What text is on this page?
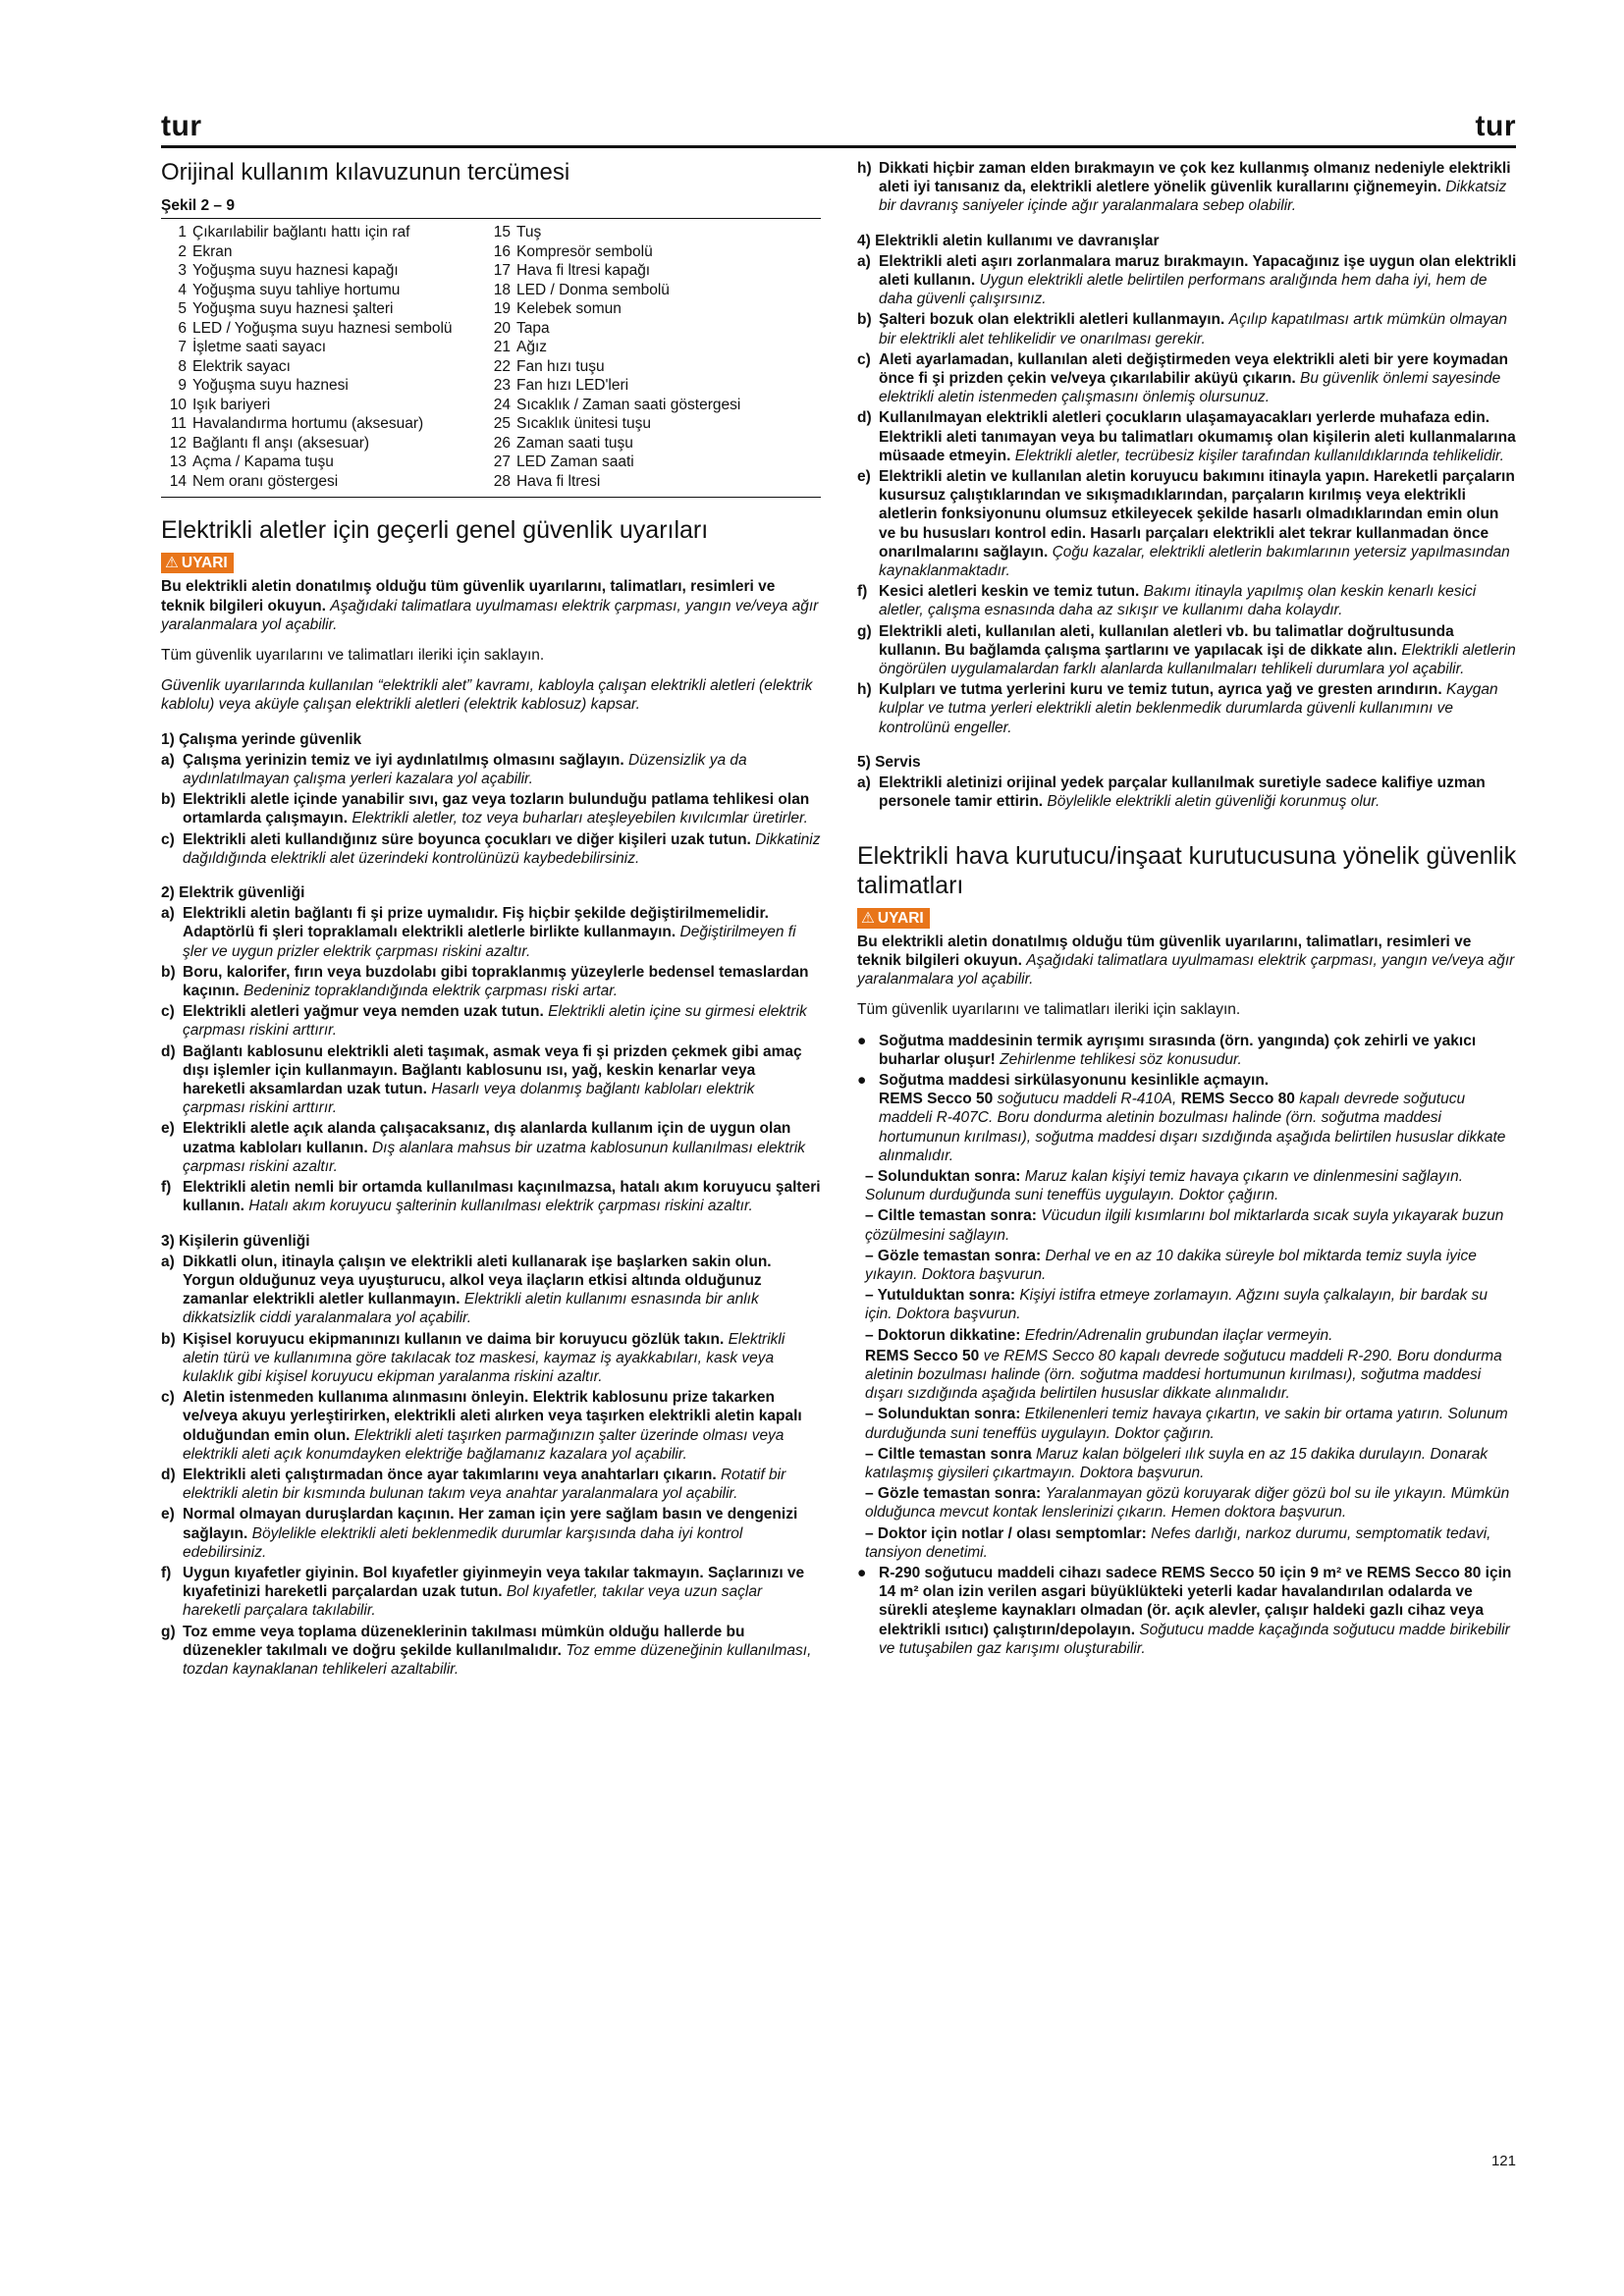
tur	tur
Orijinal kullanım kılavuzunun tercümesi
Şekil 2 – 9
1 Çıkarılabilir bağlantı hattı için raf
2 Ekran
3 Yoğuşma suyu haznesi kapağı
4 Yoğuşma suyu tahliye hortumu
5 Yoğuşma suyu haznesi şalteri
6 LED / Yoğuşma suyu haznesi sembolü
7 İşletme saati sayacı
8 Elektrik sayacı
9 Yoğuşma suyu haznesi
10 Işık bariyeri
11 Havalandırma hortumu (aksesuar)
12 Bağlantı fl anşı (aksesuar)
13 Açma / Kapama tuşu
14 Nem oranı göstergesi
15 Tuş
16 Kompresör sembolü
17 Hava fi ltresi kapağı
18 LED / Donma sembolü
19 Kelebek somun
20 Tapa
21 Ağız
22 Fan hızı tuşu
23 Fan hızı LED'leri
24 Sıcaklık / Zaman saati göstergesi
25 Sıcaklık ünitesi tuşu
26 Zaman saati tuşu
27 LED Zaman saati
28 Hava fi ltresi
Elektrikli aletler için geçerli genel güvenlik uyarıları
⚠ UYARI

Bu elektrikli aletin donatılmış olduğu tüm güvenlik uyarılarını, talimatları, resimleri ve teknik bilgileri okuyun. Aşağıdaki talimatlara uyulmaması elektrik çarpması, yangın ve/veya ağır yaralanmalara yol açabilir.

Tüm güvenlik uyarılarını ve talimatları ileriki için saklayın.

Güvenlik uyarılarında kullanılan “elektrikli alet” kavramı, kabloyla çalışan elektrikli aletleri (elektrik kablolu) veya aküyle çalışan elektrikli aletleri (elektrik kablosuz) kapsar.

1) Çalışma yerinde güvenlik
a) Çalışma yerinizin temiz ve iyi aydınlatılmış olmasını sağlayın. Düzensizlik ya da aydınlatılmayan çalışma yerleri kazalara yol açabilir.
b) Elektrikli aletle içinde yanabilir sıvı, gaz veya tozların bulunduğu patlama tehlikesi olan ortamlarda çalışmayın. Elektrikli aletler, toz veya buharları ateşleyebilen kıvılcımlar üretirler.
c) Elektrikli aleti kullandığınız süre boyunca çocukları ve diğer kişileri uzak tutun. Dikkatiniz dağıldığında elektrikli alet üzerindeki kontrolünüzü kaybedebilirsiniz.
2) Elektrik güvenliği
a) Elektrikli aletin bağlantı fi şi prize uymalıdır. Fiş hiçbir şekilde değiştirilmemelidir. Adaptörlü fi şleri topraklamalı elektrikli aletlerle birlikte kullanmayın. Değiştirilmeyen fi şler ve uygun prizler elektrik çarpması riskini azaltır.
b) Boru, kalorifer, fırın veya buzdolabı gibi topraklanmış yüzeylerle bedensel temaslardan kaçının. Bedeniniz topraklandığında elektrik çarpması riski artar.
c) Elektrikli aletleri yağmur veya nemden uzak tutun. Elektrikli aletin içine su girmesi elektrik çarpması riskini arttırır.
d) Bağlantı kablosunu elektrikli aleti taşımak, asmak veya fi şi prizden çekmek gibi amaç dışı işlemler için kullanmayın. Bağlantı kablosunu ısı, yağ, keskin kenarlar veya hareketli aksamlardan uzak tutun. Hasarlı veya dolanmış bağlantı kabloları elektrik çarpması riskini arttırır.
e) Elektrikli aletle açık alanda çalışacaksanız, dış alanlarda kullanım için de uygun olan uzatma kabloları kullanın. Dış alanlara mahsus bir uzatma kablosunun kullanılması elektrik çarpması riskini azaltır.
f) Elektrikli aletin nemli bir ortamda kullanılması kaçınılmazsa, hatalı akım koruyucu şalteri kullanın. Hatalı akım koruyucu şalterinin kullanılması elektrik çarpması riskini azaltır.
3) Kişilerin güvenliği
a) Dikkatli olun, itinayla çalışın ve elektrikli aleti kullanarak işe başlarken sakin olun. Yorgun olduğunuz veya uyuşturucu, alkol veya ilaçların etkisi altında olduğunuz zamanlar elektrikli aletler kullanmayın. Elektrikli aletin kullanımı esnasında bir anlık dikkatsizlik ciddi yaralanmalara yol açabilir.
b) Kişisel koruyucu ekipmanınızı kullanın ve daima bir koruyucu gözlük takın. Elektrikli aletin türü ve kullanımına göre takılacak toz maskesi, kaymaz iş ayakkabıları, kask veya kulaklık gibi kişisel koruyucu ekipman yaralanma riskini azaltır.
c) Aletin istenmeden kullanıma alınmasını önleyin. Elektrik kablosunu prize takarken ve/veya akuyu yerleştirirken, elektrikli aleti alırken veya taşırken elektrikli aletin kapalı olduğundan emin olun. Elektrikli aleti taşırken parmağınızın şalter üzerinde olması veya elektrikli aleti açık konumdayken elektriğe bağlamanız kazalara yol açabilir.
d) Elektrikli aleti çalıştırmadan önce ayar takımlarını veya anahtarları çıkarın. Rotatif bir elektrikli aletin bir kısmında bulunan takım veya anahtar yaralanmalara yol açabilir.
e) Normal olmayan duruşlardan kaçının. Her zaman için yere sağlam basın ve dengenizi sağlayın. Böylelikle elektrikli aleti beklenmedik durumlar karşısında daha iyi kontrol edebilirsiniz.
f) Uygun kıyafetler giyinin. Bol kıyafetler giyinmeyin veya takılar takmayın. Saçlarınızı ve kıyafetinizi hareketli parçalardan uzak tutun. Bol kıyafetler, takılar veya uzun saçlar hareketli parçalara takılabilir.
g) Toz emme veya toplama düzeneklerinin takılması mümkün olduğu hallerde bu düzenekler takılmalı ve doğru şekilde kullanılmalıdır. Toz emme düzeneğinin kullanılması, tozdan kaynaklanan tehlikeleri azaltabilir.
h) Dikkati hiçbir zaman elden bırakmayın ve çok kez kullanmış olmanız nedeniyle elektrikli aleti iyi tanısanız da, elektrikli aletlere yönelik güvenlik kurallarını çiğnemeyin. Dikkatsiz bir davranış saniyeler içinde ağır yaralanmalara sebep olabilir.
4) Elektrikli aletin kullanımı ve davranışlar
a) Elektrikli aleti aşırı zorlanmalara maruz bırakmayın. Yapacağınız işe uygun olan elektrikli aleti kullanın. Uygun elektrikli aletle belirtilen performans aralığında hem daha iyi, hem de daha güvenli çalışırsınız.
b) Şalteri bozuk olan elektrikli aletleri kullanmayın. Açılıp kapatılması artık mümkün olmayan bir elektrikli alet tehlikelidir ve onarılması gerekir.
c) Aleti ayarlamadan, kullanılan aleti değiştirmeden veya elektrikli aleti bir yere koymadan önce fi şi prizden çekin ve/veya çıkarılabilir aküyü çıkarın. Bu güvenlik önlemi sayesinde elektrikli aletin istenmeden çalışmasını önlemiş olursunuz.
d) Kullanılmayan elektrikli aletleri çocukların ulaşamayacakları yerlerde muhafaza edin. Elektrikli aleti tanımayan veya bu talimatları okumamış olan kişilerin aleti kullanmalarına müsaade etmeyin. Elektrikli aletler, tecrübesiz kişiler tarafından kullanıldıklarında tehlikelidir.
e) Elektrikli aletin ve kullanılan aletin koruyucu bakımını itinayla yapın. Hareketli parçaların kusursuz çalıştıklarından ve sıkışmadıklarından, parçaların kırılmış veya elektrikli aletlerin fonksiyonunu olumsuz etkileyecek şekilde hasarlı olmadıklarından emin olun ve bu hususları kontrol edin. Hasarlı parçaları elektrikli alet tekrar kullanmadan önce onarılmalarını sağlayın. Çoğu kazalar, elektrikli aletlerin bakımlarının yetersiz yapılmasından kaynaklanmaktadır.
f) Kesici aletleri keskin ve temiz tutun. Bakımı itinayla yapılmış olan keskin kenarlı kesici aletler, çalışma esnasında daha az sıkışır ve kullanımı daha kolaydır.
g) Elektrikli aleti, kullanılan aleti, kullanılan aletleri vb. bu talimatlar doğrultusunda kullanın. Bu bağlamda çalışma şartlarını ve yapılacak işi de dikkate alın. Elektrikli aletlerin öngörülen uygulamalardan farklı alanlarda kullanılmaları tehlikeli durumlara yol açabilir.
h) Kulpları ve tutma yerlerini kuru ve temiz tutun, ayrıca yağ ve gresten arındırın. Kaygan kulplar ve tutma yerleri elektrikli aletin beklenmedik durumlarda güvenli kullanımını ve kontrolünü engeller.
5) Servis
a) Elektrikli aletinizi orijinal yedek parçalar kullanılmak suretiyle sadece kalifiye uzman personele tamir ettirin. Böylelikle elektrikli aletin güvenliği korunmuş olur.
Elektrikli hava kurutucu/inşaat kurutucusuna yönelik güvenlik talimatları
⚠ UYARI

Bu elektrikli aletin donatılmış olduğu tüm güvenlik uyarılarını, talimatları, resimleri ve teknik bilgileri okuyun. Aşağıdaki talimatlara uyulmaması elektrik çarpması, yangın ve/veya ağır yaralanmalara yol açabilir.

Tüm güvenlik uyarılarını ve talimatları ileriki için saklayın.

● Soğutma maddesinin termik ayrışımı sırasında (örn. yangında) çok zehirli ve yakıcı buharlar oluşur! Zehirlenme tehlikesi söz konusudur.
● Soğutma maddesi sirkülasyonunu kesinlikle açmayın.
REMS Secco 50 soğutucu maddeli R-410A, REMS Secco 80 kapalı devrede soğutucu maddeli R-407C. Boru dondurma aletinin bozulması halinde (örn. soğutma maddesi hortumunun kırılması), soğutma maddesi dışarı sızdığında aşağıda belirtilen hususlar dikkate alınmalıdır.
– Solunduktan sonra: Maruz kalan kişiyi temiz havaya çıkarın ve dinlenmesini sağlayın. Solunum durduğunda suni teneffüs uygulayın. Doktor çağırın.
– Ciltle temastan sonra: Vücudun ilgili kısımlarını bol miktarlarda sıcak suyla yıkayarak buzun çözülmesini sağlayın.
– Gözle temastan sonra: Derhal ve en az 10 dakika süreyle bol miktarda temiz suyla iyice yıkayın. Doktora başvurun.
– Yutulduktan sonra: Kişiyi istifra etmeye zorlamayın. Ağzını suyla çalkalayın, bir bardak su için. Doktora başvurun.
– Doktorun dikkatine: Efedrin/Adrenalin grubundan ilaçlar vermeyin.
REMS Secco 50 ve REMS Secco 80 kapalı devrede soğutucu maddeli R-290. Boru dondurma aletinin bozulması halinde (örn. soğutma maddesi hortumunun kırılması), soğutma maddesi dışarı sızdığında aşağıda belirtilen hususlar dikkate alınmalıdır.
– Solunduktan sonra: Etkilenenleri temiz havaya çıkartın, ve sakin bir ortama yatırın. Solunum durduğunda suni teneffüs uygulayın. Doktor çağırın.
– Ciltle temastan sonra Maruz kalan bölgeleri ılık suyla en az 15 dakika durulayın. Donarak katılaşmış giysileri çıkartmayın. Doktora başvurun.
– Gözle temastan sonra: Yaralanmayan gözü koruyarak diğer gözü bol su ile yıkayın. Mümkün olduğunca mevcut kontak lenslerinizi çıkarın. Hemen doktora başvurun.
– Doktor için notlar / olası semptomlar: Nefes darlığı, narkoz durumu, semptomatik tedavi, tansiyon denetimi.
● R-290 soğutucu maddeli cihazı sadece REMS Secco 50 için 9 m² ve REMS Secco 80 için 14 m² olan izin verilen asgari büyüklükteki yeterli kadar havalandırılan odalarda ve sürekli ateşleme kaynakları olmadan (ör. açık alevler, çalışır haldeki gazlı cihaz veya elektrikli ısıtıcı) çalıştırın/depolayın. Soğutucu madde kaçağında soğutucu madde birikebilir ve tutuşabilen gaz karışımı oluşturabilir.
121
